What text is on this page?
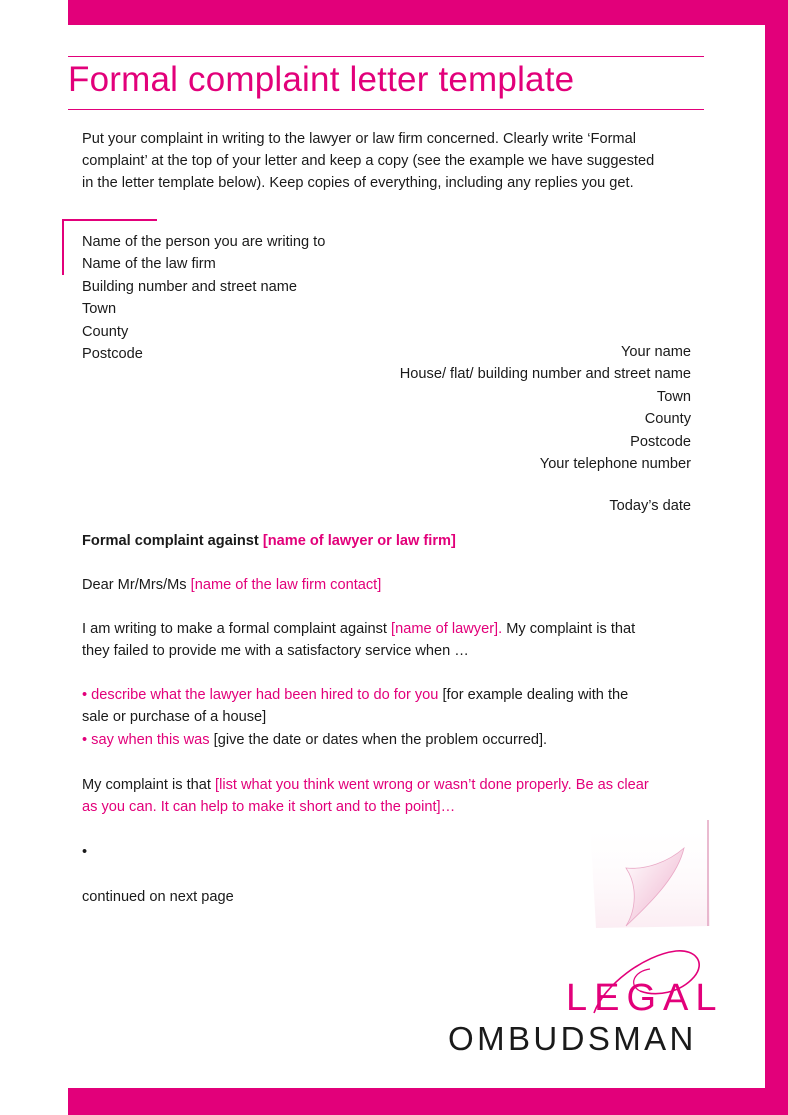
Formal complaint letter template
Put your complaint in writing to the lawyer or law firm concerned. Clearly write ‘Formal
complaint’ at the top of your letter and keep a copy (see the example we have suggested
in the letter template below). Keep copies of everything, including any replies you get.
Name of the person you are writing to
Name of the law firm
Building number and street name
Town
County
Postcode	Your name
House/ flat/ building number and street name
Town
County
Postcode
Your telephone number
Today’s date
Formal complaint against [name of lawyer or law firm]
Dear Mr/Mrs/Ms [name of the law firm contact]
I am writing to make a formal complaint against [name of lawyer]. My complaint is that
they failed to provide me with a satisfactory service when …
• describe what the lawyer had been hired to do for you [for example dealing with the
sale or purchase of a house]
• say when this was [give the date or dates when the problem occurred].
My complaint is that [list what you think went wrong or wasn’t done properly. Be as clear
as you can. It can help to make it short and to the point]…
•
continued on next page
LEGAL
OMBUDSMAN
